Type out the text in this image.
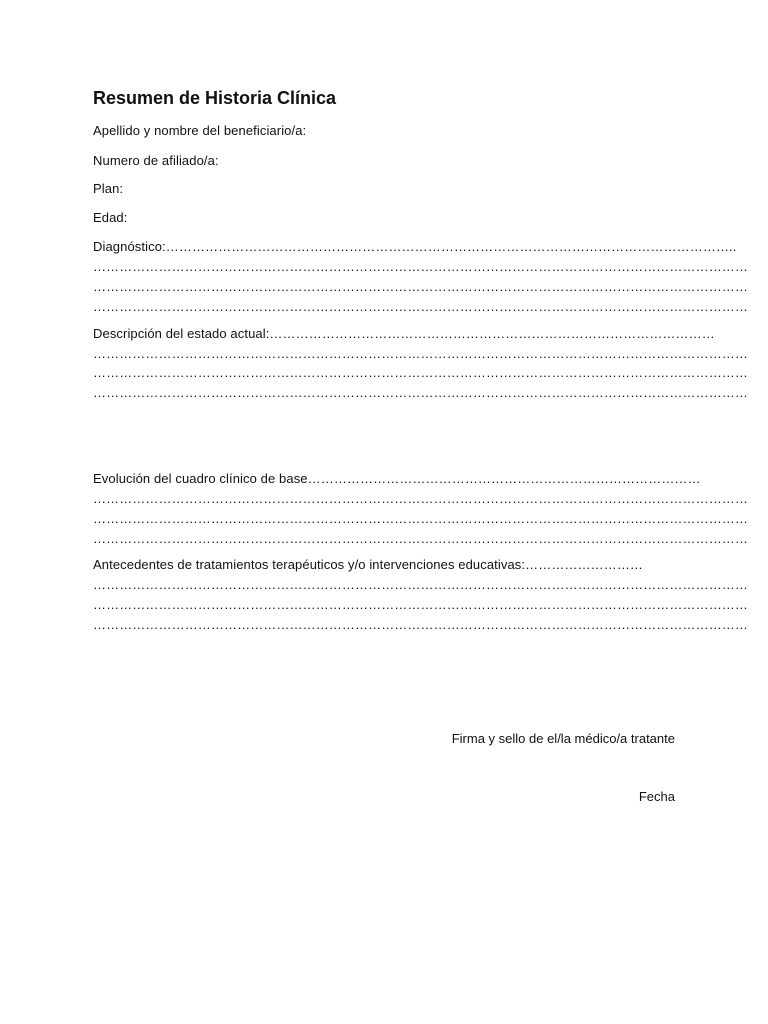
Resumen de Historia Clínica
Apellido y nombre del beneficiario/a:
Numero de afiliado/a:
Plan:
Edad:
Diagnóstico:…………………………………………………………………………………………………………………..
……………………………………………………………………………………………………………………………………
……………………………………………………………………………………………………………………………………
……………………………………………………………………………………………………………………………………
Descripción del estado actual:…………………………………………………………………………………………
……………………………………………………………………………………………………………………………………
……………………………………………………………………………………………………………………………………
……………………………………………………………………………………………………………………………………
Evolución del cuadro clínico de base………………………………………………………………………………
……………………………………………………………………………………………………………………………………
……………………………………………………………………………………………………………………………………
……………………………………………………………………………………………………………………………………
Antecedentes de tratamientos terapéuticos y/o intervenciones educativas:………………………
……………………………………………………………………………………………………………………………………
……………………………………………………………………………………………………………………………………
……………………………………………………………………………………………………………………………………
Firma y sello de el/la médico/a tratante
Fecha
